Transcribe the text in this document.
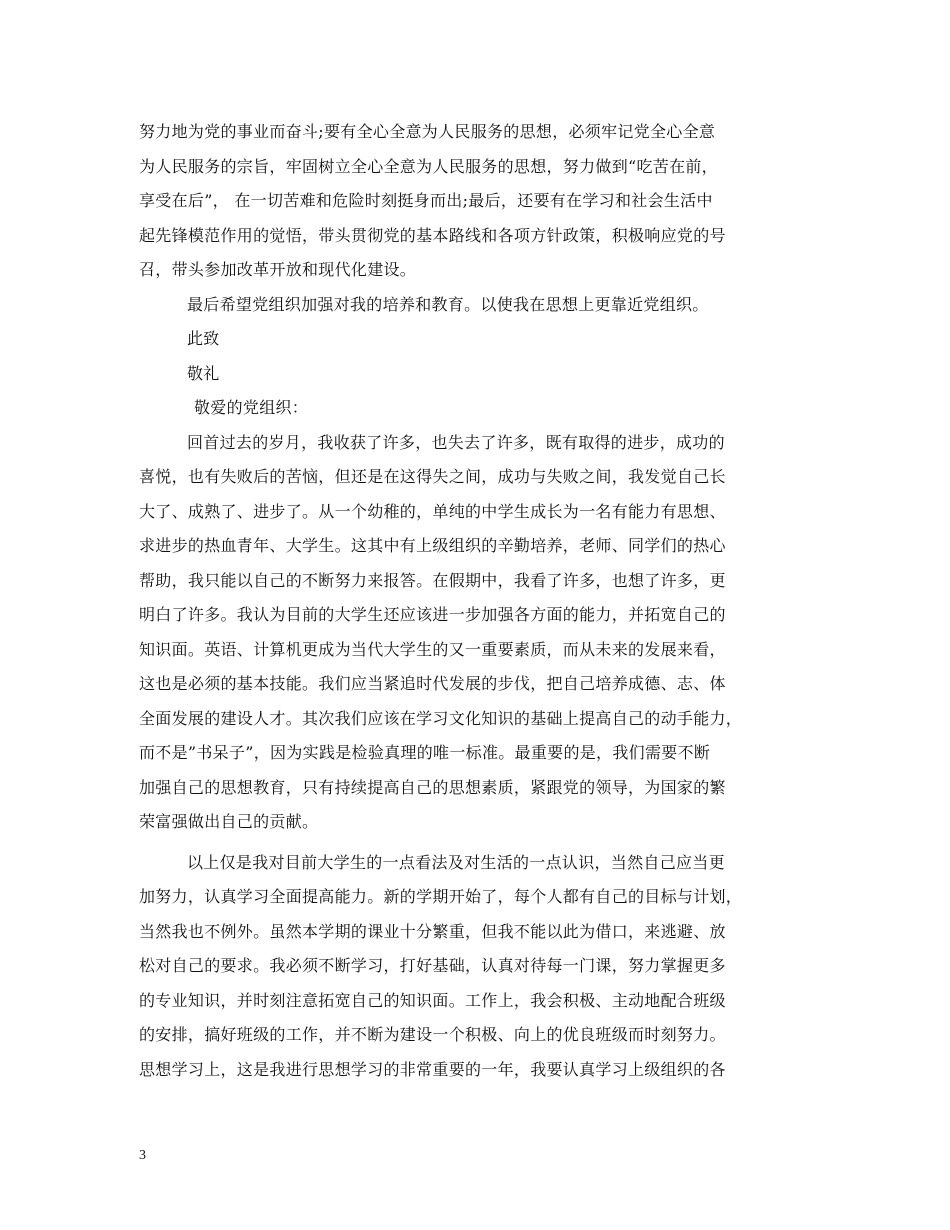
努力地为党的事业而奋斗;要有全心全意为人民服务的思想，必须牢记党全心全意
为人民服务的宗旨，牢固树立全心全意为人民服务的思想，努力做到“吃苦在前，
享受在后”， 在一切苦难和危险时刻挺身而出;最后，还要有在学习和社会生活中
起先锋模范作用的觉悟，带头贯彻党的基本路线和各项方针政策，积极响应党的号
召，带头参加改革开放和现代化建设。
最后希望党组织加强对我的培养和教育。以使我在思想上更靠近党组织。
此致
敬礼
敬爱的党组织：
回首过去的岁月，我收获了许多，也失去了许多，既有取得的进步，成功的
喜悦，也有失败后的苦恼，但还是在这得失之间，成功与失败之间，我发觉自己长
大了、成熟了、进步了。从一个幼稚的，单纯的中学生成长为一名有能力有思想、
求进步的热血青年、大学生。这其中有上级组织的辛勤培养，老师、同学们的热心
帮助，我只能以自己的不断努力来报答。在假期中，我看了许多，也想了许多，更
明白了许多。我认为目前的大学生还应该进一步加强各方面的能力，并拓宽自己的
知识面。英语、计算机更成为当代大学生的又一重要素质，而从未来的发展来看，
这也是必须的基本技能。我们应当紧追时代发展的步伐，把自己培养成德、志、体
全面发展的建设人才。其次我们应该在学习文化知识的基础上提高自己的动手能力，
而不是”书呆子”，因为实践是检验真理的唯一标准。最重要的是，我们需要不断
加强自己的思想教育，只有持续提高自己的思想素质，紧跟党的领导，为国家的繁
荣富强做出自己的贡献。
以上仅是我对目前大学生的一点看法及对生活的一点认识，当然自己应当更
加努力，认真学习全面提高能力。新的学期开始了，每个人都有自己的目标与计划，
当然我也不例外。虽然本学期的课业十分繁重，但我不能以此为借口，来逃避、放
松对自己的要求。我必须不断学习，打好基础，认真对待每一门课，努力掌握更多
的专业知识，并时刻注意拓宽自己的知识面。工作上，我会积极、主动地配合班级
的安排，搞好班级的工作，并不断为建设一个积极、向上的优良班级而时刻努力。
思想学习上，这是我进行思想学习的非常重要的一年，我要认真学习上级组织的各
3
